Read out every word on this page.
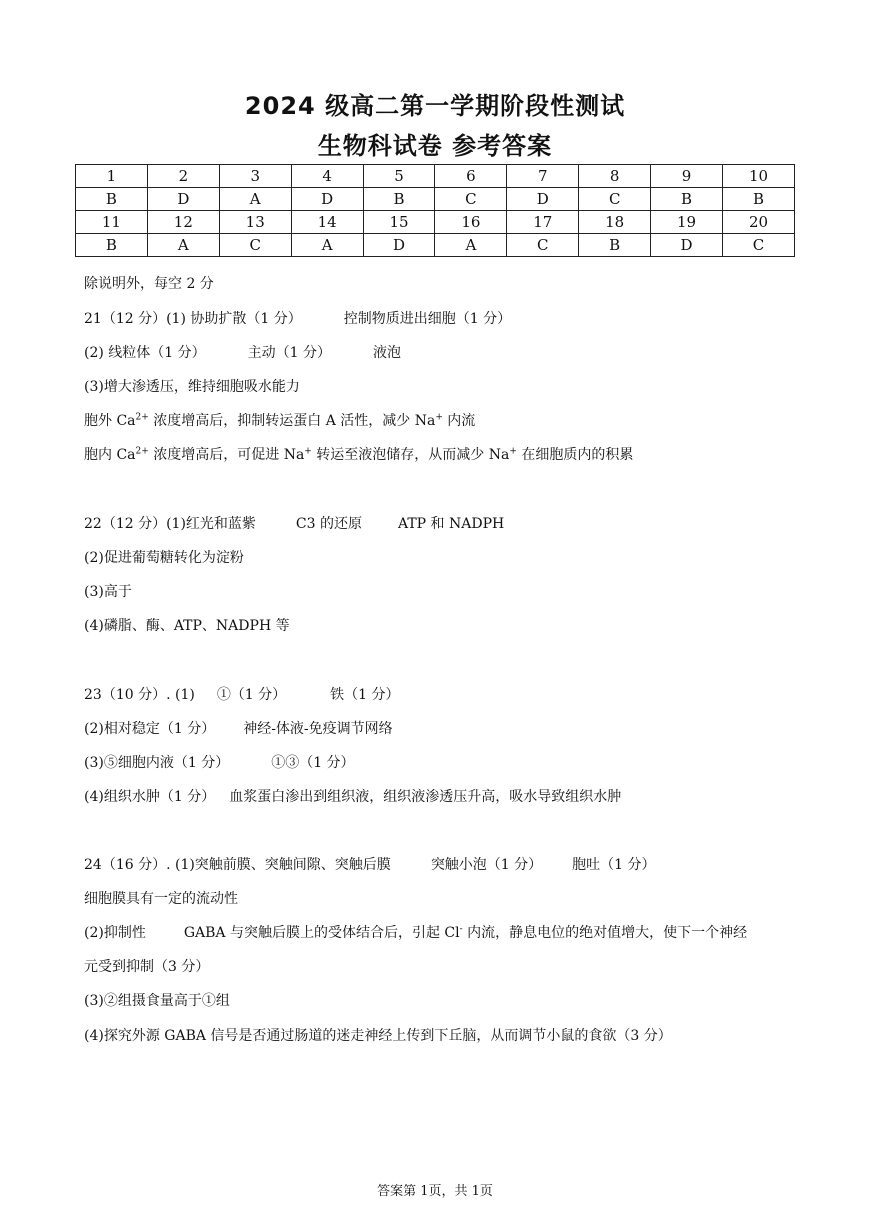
2024 级高二第一学期阶段性测试
生物科试卷 参考答案
1	2	3	4	5	6	7	8	9	10
B	D	A	D	B	C	D	C	B	B
11	12	13	14	15	16	17	18	19	20
B	A	C	A	D	A	C	B	D	C
除说明外，每空 2 分
21（12 分）(1) 协助扩散（1 分）	控制物质进出细胞（1 分）
(2) 线粒体（1 分）	主动（1 分）	液泡
(3)增大渗透压，维持细胞吸水能力
胞外 $Ca^{2+}$ 浓度增高后，抑制转运蛋白 A 活性，减少 Na+ 内流
胞内 $Ca^{2+}$ 浓度增高后，可促进 Na+ 转运至液泡储存，从而减少 Na+ 在细胞质内的积累
22（12 分）(1)红光和蓝紫	C3 的还原	ATP 和 NADPH
(2)促进葡萄糖转化为淀粉
(3)高于
(4)磷脂、酶、ATP、NADPH 等
23（10 分）. (1) ①（1 分）	铁（1 分）
(2)相对稳定（1 分） 神经-体液-免疫调节网络
(3)⑤细胞内液（1 分）	①③（1 分）
(4)组织水肿（1 分） 血浆蛋白渗出到组织液，组织液渗透压升高，吸水导致组织水肿
24（16 分）. (1)突触前膜、突触间隙、突触后膜	突触小泡（1 分） 胞吐（1 分）
细胞膜具有一定的流动性
(2)抑制性	GABA 与突触后膜上的受体结合后，引起 Cl- 内流，静息电位的绝对值增大，使下一个神经
元受到抑制（3 分）
(3)②组摄食量高于①组
(4)探究外源 GABA 信号是否通过肠道的迷走神经上传到下丘脑，从而调节小鼠的食欲（3 分）
答案第 1页，共 1页
